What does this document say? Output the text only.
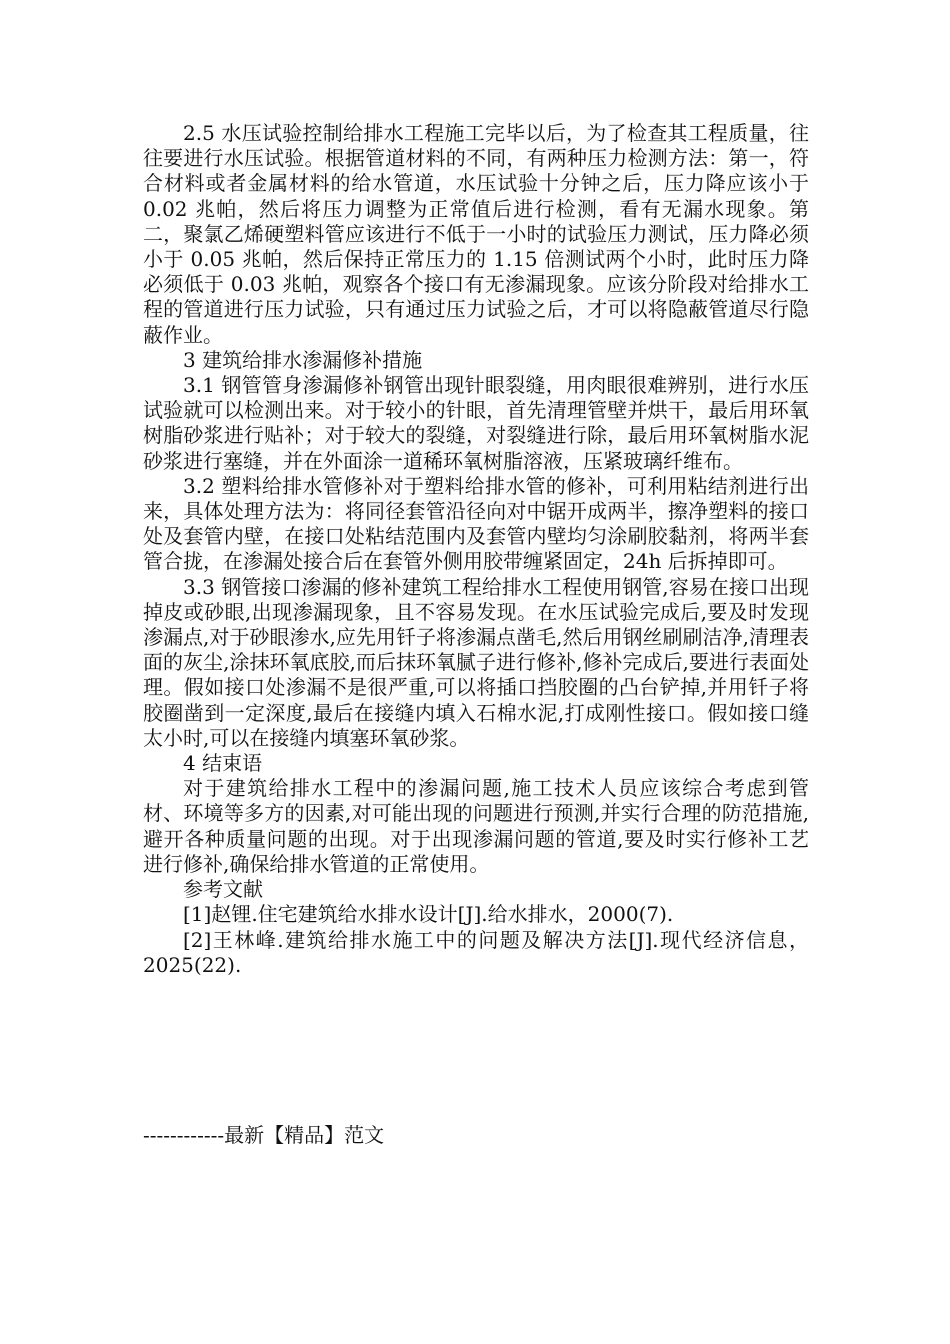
2.5 水压试验控制给排水工程施工完毕以后，为了检查其工程质量，往往要进行水压试验。根据管道材料的不同，有两种压力检测方法：第一，符合材料或者金属材料的给水管道，水压试验十分钟之后，压力降应该小于 0.02 兆帕，然后将压力调整为正常值后进行检测，看有无漏水现象。第二，聚氯乙烯硬塑料管应该进行不低于一小时的试验压力测试，压力降必须小于 0.05 兆帕，然后保持正常压力的 1.15 倍测试两个小时，此时压力降必须低于 0.03 兆帕，观察各个接口有无渗漏现象。应该分阶段对给排水工程的管道进行压力试验，只有通过压力试验之后，才可以将隐蔽管道尽行隐蔽作业。

3 建筑给排水渗漏修补措施

3.1 钢管管身渗漏修补钢管出现针眼裂缝，用肉眼很难辨别，进行水压试验就可以检测出来。对于较小的针眼，首先清理管壁并烘干，最后用环氧树脂砂浆进行贴补；对于较大的裂缝，对裂缝进行除，最后用环氧树脂水泥砂浆进行塞缝，并在外面涂一道稀环氧树脂溶液，压紧玻璃纤维布。

3.2 塑料给排水管修补对于塑料给排水管的修补，可利用粘结剂进行出来，具体处理方法为：将同径套管沿径向对中锯开成两半，擦净塑料的接口处及套管内壁，在接口处粘结范围内及套管内壁均匀涂刷胶黏剂，将两半套管合拢，在渗漏处接合后在套管外侧用胶带缠紧固定，24h 后拆掉即可。

3.3 钢管接口渗漏的修补建筑工程给排水工程使用钢管,容易在接口出现掉皮或砂眼,出现渗漏现象，且不容易发现。在水压试验完成后,要及时发现渗漏点,对于砂眼渗水,应先用钎子将渗漏点凿毛,然后用钢丝刷刷洁净,清理表面的灰尘,涂抹环氧底胶,而后抹环氧腻子进行修补,修补完成后,要进行表面处理。假如接口处渗漏不是很严重,可以将插口挡胶圈的凸台铲掉,并用钎子将胶圈凿到一定深度,最后在接缝内填入石棉水泥,打成刚性接口。假如接口缝太小时,可以在接缝内填塞环氧砂浆。

4 结束语

对于建筑给排水工程中的渗漏问题,施工技术人员应该综合考虑到管材、环境等多方的因素,对可能出现的问题进行预测,并实行合理的防范措施,避开各种质量问题的出现。对于出现渗漏问题的管道,要及时实行修补工艺进行修补,确保给排水管道的正常使用。

参考文献

[1]赵锂.住宅建筑给水排水设计[J].给水排水，2000(7).

[2]王林峰.建筑给排水施工中的问题及解决方法[J].现代经济信息，2025(22).

------------最新【精品】范文
